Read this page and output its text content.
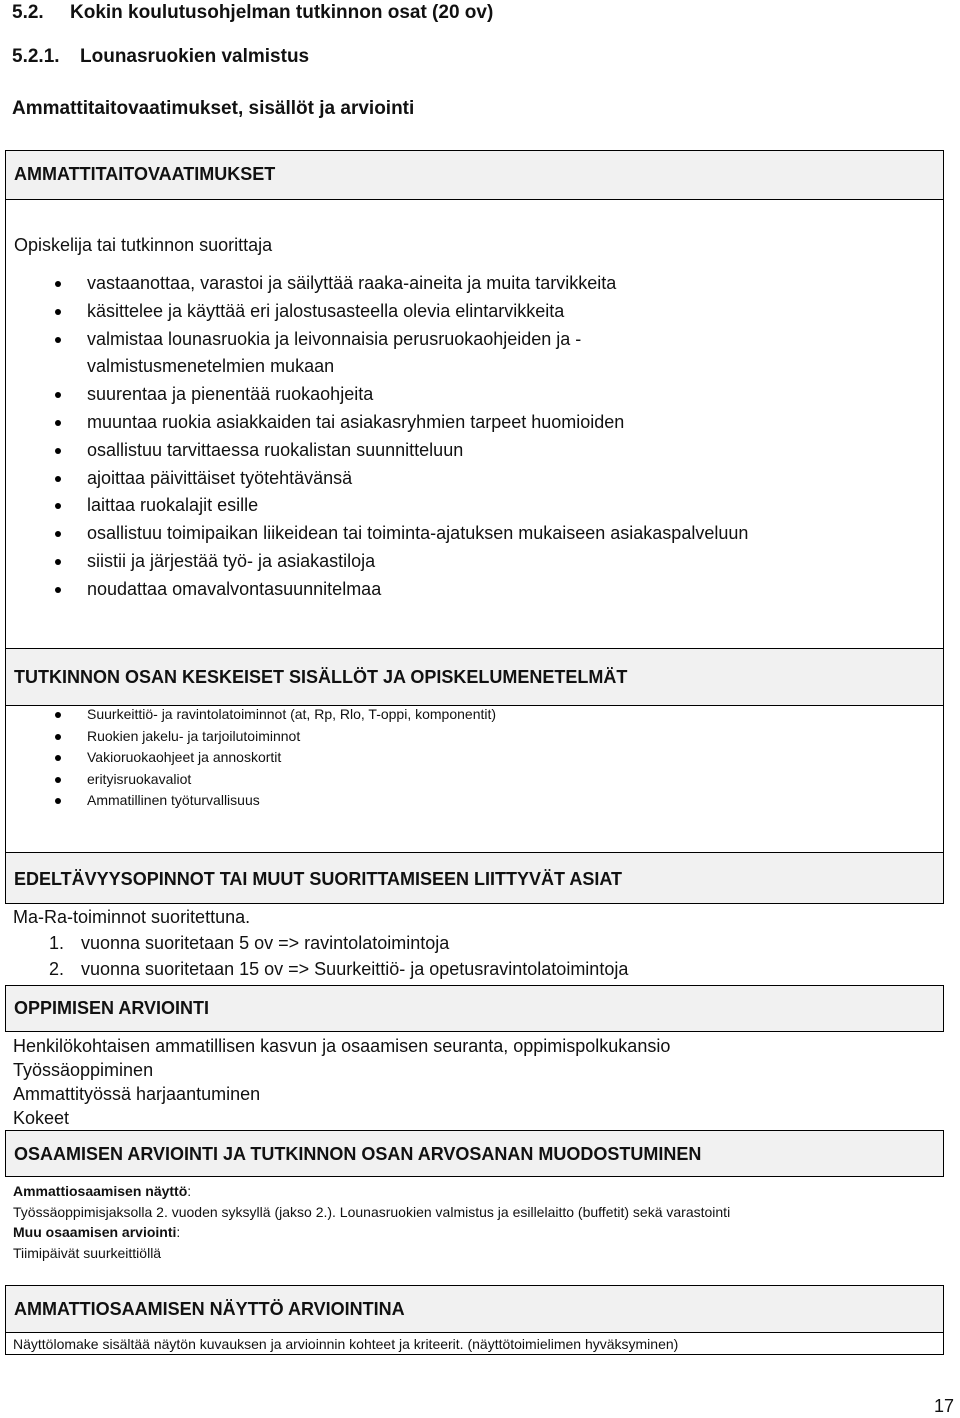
5.2. Kokin koulutusohjelman tutkinnon osat (20 ov)
5.2.1. Lounasruokien valmistus
Ammattitaitovaatimukset, sisällöt ja arviointi
AMMATTITAITOVAATIMUKSET
Opiskelija tai tutkinnon suorittaja
vastaanottaa, varastoi ja säilyttää raaka-aineita ja muita tarvikkeita
käsittelee ja käyttää eri jalostusasteella olevia elintarvikkeita
valmistaa lounasruokia ja leivonnaisia perusruokaohjeiden ja -
valmistusmenetelmien mukaan
suurentaa ja pienentää ruokaohjeita
muuntaa ruokia asiakkaiden tai asiakasryhmien tarpeet huomioiden
osallistuu tarvittaessa ruokalistan suunnitteluun
ajoittaa päivittäiset työtehtävänsä
laittaa ruokalajit esille
osallistuu toimipaikan liikeidean tai toiminta-ajatuksen mukaiseen asiakaspalveluun
siistii ja järjestää työ- ja asiakastiloja
noudattaa omavalvontasuunnitelmaa
TUTKINNON OSAN KESKEISET SISÄLLÖT JA OPISKELUMENETELMÄT
Suurkeittiö- ja ravintolatoiminnot (at, Rp, Rlo, T-oppi, komponentit)
Ruokien jakelu- ja tarjoilutoiminnot
Vakioruokaohjeet ja annoskortit
erityisruokavaliot
Ammatillinen työturvallisuus
EDELTÄVYYSOPINNOT TAI MUUT SUORITTAMISEEN LIITTYVÄT ASIAT
Ma-Ra-toiminnot suoritettuna.
1. vuonna suoritetaan 5 ov => ravintolatoimintoja
2. vuonna suoritetaan 15 ov => Suurkeittiö- ja opetusravintolatoimintoja
OPPIMISEN ARVIOINTI
Henkilökohtaisen ammatillisen kasvun ja osaamisen seuranta, oppimispolkukansio
Työssäoppiminen
Ammattityössä harjaantuminen
Kokeet
OSAAMISEN ARVIOINTI JA TUTKINNON OSAN ARVOSANAN MUODOSTUMINEN
Ammattiosaamisen näyttö:
Työssäoppimisjaksolla 2. vuoden syksyllä (jakso 2.). Lounasruokien valmistus ja esillelaitto (buffetit) sekä varastointi
Muu osaamisen arviointi:
Tiimipäivät suurkeittiöllä
AMMATTIOSAAMISEN NÄYTTÖ ARVIOINTINA
Näyttölomake sisältää näytön kuvauksen ja arvioinnin kohteet ja kriteerit. (näyttötoimielimen hyväksyminen)
17
